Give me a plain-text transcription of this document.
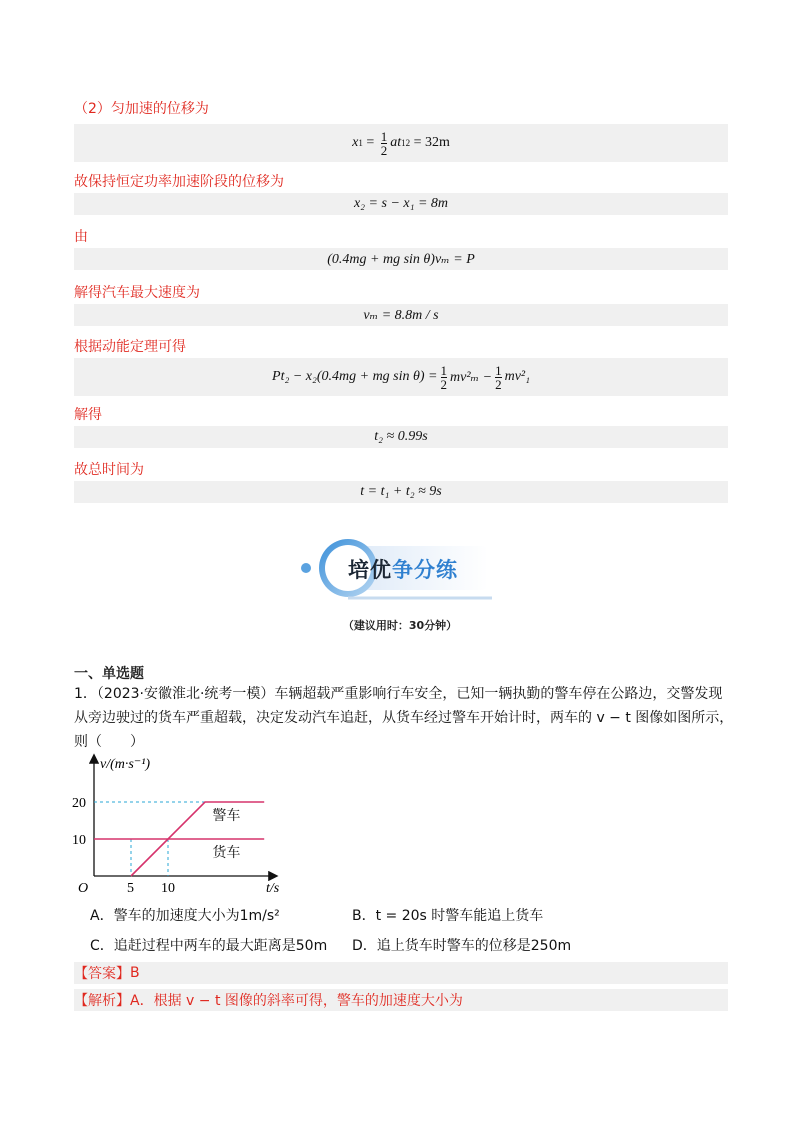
（2）匀加速的位移为
x $1 = \frac{1}{2}$ at 1 2
= 32m
故保持恒定功率加速阶段的位移为
x₂ = s − x₁ = 8m
由
(0.4mg + mg sin θ)vₘ = P
解得汽车最大速度为
vₘ = 8.8m / s
根据动能定理可得
Pt₂ − x₂(0.4mg + mg $\sin \theta) = \frac{1}{2} mv^2_m - \frac{1}{2} mv^2_1$
解得
t₂ ≈ 0.99s
故总时间为
t = t₁ + t₂ ≈ 9s
培优争分练
（建议用时：30分钟）
一、单选题
1．（2023·安徽淮北·统考一模）车辆超载严重影响行车安全，已知一辆执勤的警车停在公路边，交警发现
从旁边驶过的货车严重超载，决定发动汽车追赶，从货车经过警车开始计时，两车的 v − t 图像如图所示，
则（　　）
警车
货车
5 10
10
20
O	t/s
v/(m·s⁻¹)
A．警车的加速度大小为1m/s²	B．t = 20s 时警车能追上货车
C．追赶过程中两车的最大距离是50m D．追上货车时警车的位移是250m
【答案】 B
【解析】 A．根据 v − t 图像的斜率可得，警车的加速度大小为
